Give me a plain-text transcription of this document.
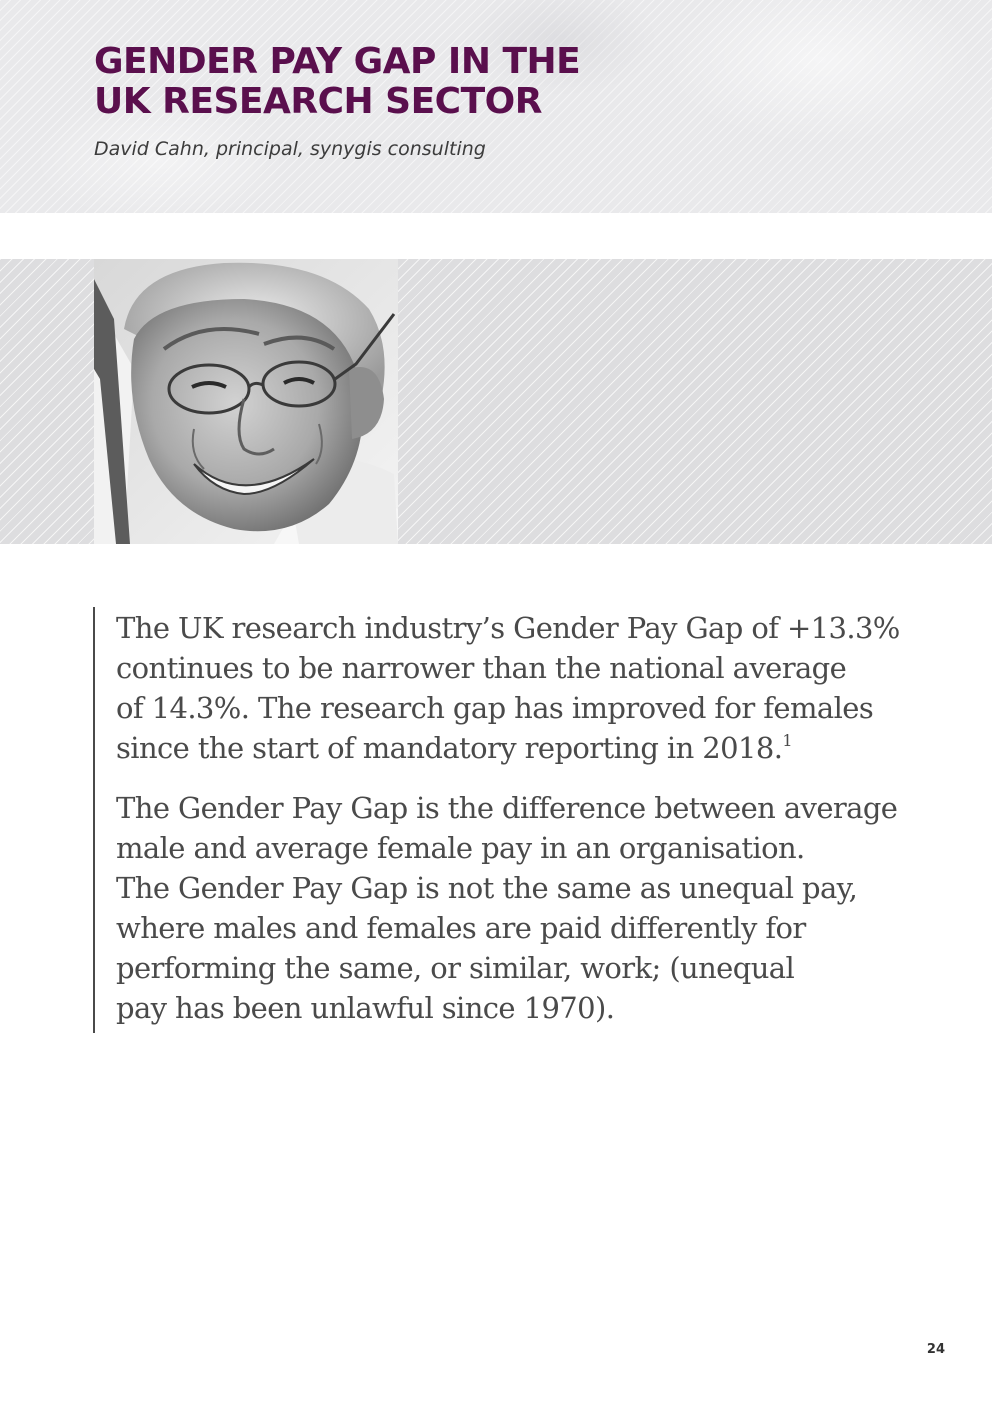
GENDER PAY GAP IN THE
UK RESEARCH SECTOR
David Cahn, principal, synygis consulting

The UK research industry’s Gender Pay Gap of +13.3%
continues to be narrower than the national average
of 14.3%. The research gap has improved for females
since the start of mandatory reporting in 2018.$^1$

The Gender Pay Gap is the difference between average
male and average female pay in an organisation.
The Gender Pay Gap is not the same as unequal pay,
where males and females are paid differently for
performing the same, or similar, work; (unequal
pay has been unlawful since 1970).

24
